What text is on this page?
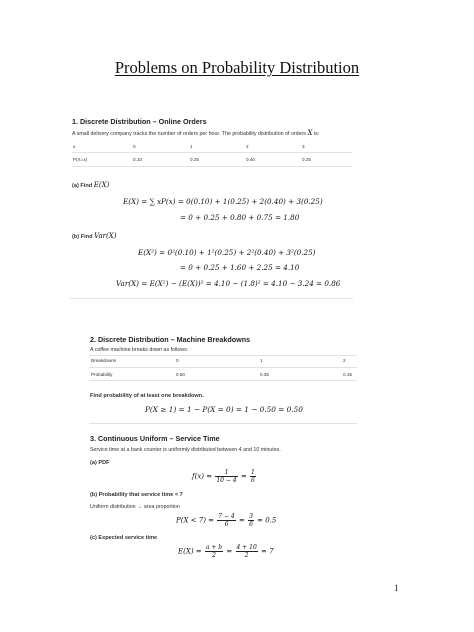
Problems on Probability Distribution
1. Discrete Distribution – Online Orders
A small delivery company tracks the number of orders per hour. The probability distribution of orders X is:
x	0	1	2	3
P(X=x)	0.10	0.25	0.40	0.25
(a) Find E(X)
E(X) = ∑ xP(x) = 0(0.10) + 1(0.25) + 2(0.40) + 3(0.25)
= 0 + 0.25 + 0.80 + 0.75 = 1.80
(b) Find Var(X)
E(X²) = 0²(0.10) + 1²(0.25) + 2²(0.40) + 3²(0.25)
= 0 + 0.25 + 1.60 + 2.25 = 4.10
Var(X) = E(X²) − (E(X))² = 4.10 − (1.8)² = 4.10 − 3.24 = 0.86
2. Discrete Distribution – Machine Breakdowns
A coffee machine breaks down as follows:
Breakdowns	0	1	2
Probability	0.50	0.35	0.15
Find probability of at least one breakdown.
P(X ≥ 1) = 1 − P(X = 0) = 1 − 0.50 = 0.50
3. Continuous Uniform – Service Time
Service time at a bank counter is uniformly distributed between 4 and 10 minutes.
(a) PDF
$f(x) = \frac{1}{10 - 4} = \frac{1}{6}$
(b) Probability that service time < 7
Uniform distribution → area proportion
$P(X < 7) = \frac{7 - 4}{6} = \frac{3}{6} = 0.5$
(c) Expected service time
$E(X) = \frac{a + b}{2} = \frac{4 + 10}{2} = 7$
1
